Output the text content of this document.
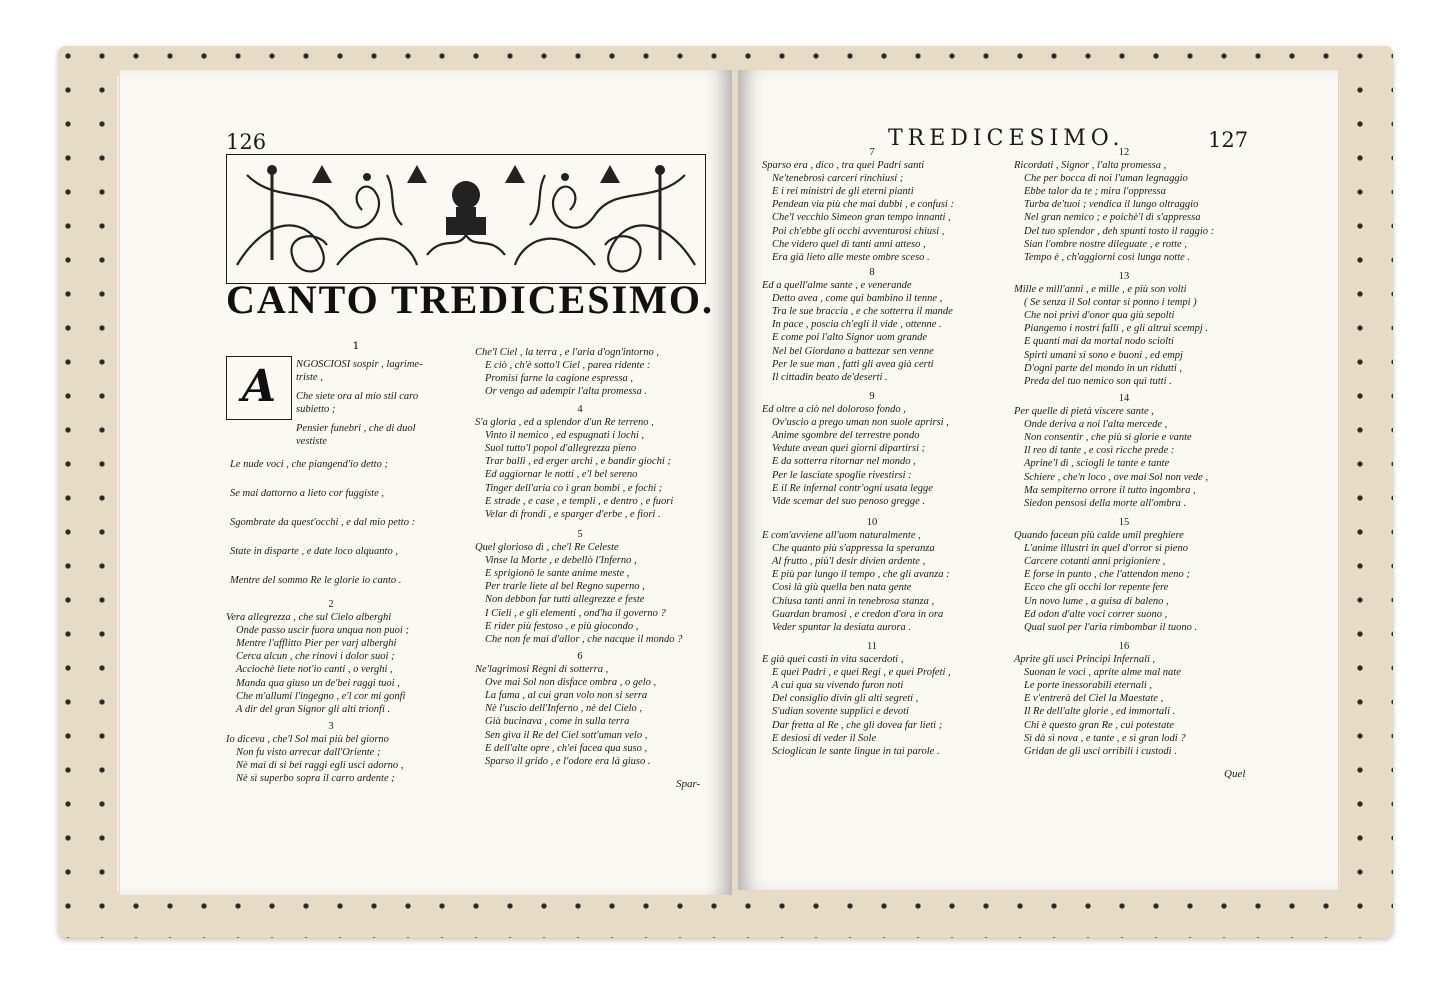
126
CANTO TREDICESIMO.
1
A	NGOSCIOSI sospir , lagrime-
triste ,
Che siete ora al mio stil caro
subietto ;
Pensier funebri , che di duol
vestiste
Le nude voci , che piangend'io detto ;
Se mai dattorno a lieto cor fuggiste ,
Sgombrate da quest'occhi , e dal mio petto :
State in disparte , e date loco alquanto ,
Mentre del sommo Re le glorie io canto .
2
Vera allegrezza , che sul Cielo alberghi
Onde passo uscir fuora unqua non puoi ;
Mentre l'afflitto Pier per varj alberghi
Cerca alcun , che rinovi i dolor suoi ;
Acciochè liete not'io canti , o verghi ,
Manda qua giuso un de'bei raggi tuoi ,
Che m'allumi l'ingegno , e'l cor mi gonfi
A dir del gran Signor gli alti trionfi .
3
Io diceva , che'l Sol mai più bel giorno
Non fu visto arrecar dall'Oriente ;
Nè mai di si bei raggi egli usci adorno ,
Nè sì superbo sopra il carro ardente ;
Che'l Ciel , la terra , e l'aria d'ogn'intorno ,
E ciò , ch'è sotto'l Ciel , parea ridente :
Promisi farne la cagione espressa ,
Or vengo ad adempir l'alta promessa .
4
S'a gloria , ed a splendor d'un Re terreno ,
Vinto il nemico , ed espugnati i lochi ,
Suol tutto'l popol d'allegrezza pieno
Trar balli , ed erger archi , e bandir giochi ;
Ed aggiornar le notti , e'l bel sereno
Tinger dell'aria co i gran bombi , e fochi ;
E strade , e case , e templi , e dentro , e fuori
Velar di frondi , e sparger d'erbe , e fiori .
5
Quel glorioso dì , che'l Re Celeste
Vinse la Morte , e debellò l'Inferno ,
E sprigionò le sante anime meste ,
Per trarle liete al bel Regno superno ,
Non debbon far tutti allegrezze e feste
I Cieli , e gli elementi , ond'ha il governo ?
E rider più festoso , e più giocondo ,
Che non fe mai d'allor , che nacque il mondo ?
6
Ne'lagrimosi Regni di sotterra ,
Ove mai Sol non disface ombra , o gelo ,
La fama , al cui gran volo non si serra
Nè l'uscio dell'Inferno , nè del Cielo ,
Già bucinava , come in sulla terra
Sen gìva il Re del Ciel sott'uman velo ,
E dell'alte opre , ch'ei facea qua suso ,
Sparso il grido , e l'odore era là giuso .
Spar-
TREDICESIMO.	127
7
Sparso era , dico , tra quei Padri santi
Ne'tenebrosi carceri rinchiusi ;
E i rei ministri de gli eterni pianti
Pendean via più che mai dubbi , e confusi :
Che'l vecchio Simeon gran tempo innanti ,
Poi ch'ebbe gli occhi avventurosi chiusi ,
Che videro quel dì tanti anni atteso ,
Era già lieto alle meste ombre sceso .
8
Ed a quell'alme sante , e venerande
Detto avea , come qui bambino il tenne ,
Tra le sue braccia , e che sotterra il mande
In pace , poscia ch'egli il vide , ottenne .
E come poi l'alto Signor uom grande
Nel bel Giordano a battezar sen venne
Per le sue man , fatti gli avea già certi
Il cittadin beato de'deserti .
9
Ed oltre a ciò nel doloroso fondo ,
Ov'uscio a prego uman non suole aprirsi ,
Anime sgombre del terrestre pondo
Vedute avean quei giorni dipartirsi ;
E da sotterra ritornar nel mondo ,
Per le lasciate spoglie rivestirsi :
E il Re infernal contr'ogni usata legge
Vide scemar del suo penoso gregge .
10
E com'avviene all'uom naturalmente ,
Che quanto più s'appressa la speranza
Al frutto , più'l desir divien ardente ,
E più par lungo il tempo , che gli avanza :
Così là giù quella ben nata gente
Chiusa tanti anni in tenebrosa stanza ,
Guardan bramosi , e credon d'ora in ora
Veder spuntar la desiata aurora .
11
E già quei casti in vita sacerdoti ,
E quei Padri , e quei Regi , e quei Profeti ,
A cui qua su vivendo furon noti
Del consiglio divin gli alti segreti ,
S'udian sovente supplici e devoti
Dar fretta al Re , che gli dovea far lieti ;
E desiosi di veder il Sole
Scioglican le sante lingue in tai parole .
12
Ricordati , Signor , l'alta promessa ,
Che per bocca di noi l'uman legnaggio
Ebbe talor da te ; mira l'oppressa
Turba de'tuoi ; vendica il lungo oltraggio
Nel gran nemico ; e poichè'l dì s'appressa
Del tuo splendor , deh spunti tosto il raggio :
Sian l'ombre nostre dileguate , e rotte ,
Tempo è , ch'aggiorni così lunga notte .
13
Mille e mill'anni , e mille , e più son volti
( Se senza il Sol contar si ponno i tempi )
Che noi privi d'onor qua giù sepolti
Piangemo i nostri falli , e gli altrui scempj .
E quanti mai da mortal nodo sciolti
Spirti umani si sono e buoni , ed empj
D'ogni parte del mondo in un ridutti ,
Preda del tuo nemico son quì tutti .
14
Per quelle di pietà viscere sante ,
Onde deriva a noi l'alta mercede ,
Non consentir , che più sì glorie e vante
Il reo di tante , e così ricche prede :
Aprine'l dì , sciogli le tante e tante
Schiere , che'n loco , ove mai Sol non vede ,
Ma sempiterno orrore il tutto ingombra ,
Siedon pensosi della morte all'ombra .
15
Quando facean più calde umil preghiere
L'anime illustri in quel d'orror sì pieno
Carcere cotanti anni prigioniere ,
E forse in punto , che l'attendon meno ;
Ecco che gli occhi lor repente fere
Un novo lume , a guisa di baleno ,
Ed odon d'alte voci correr suono ,
Qual suol per l'aria rimbombar il tuono .
16
Aprite gli usci Principi Infernali ,
Suonan le voci , aprite alme mal nate
Le porte inessorabili eternali ,
E v'entrerà del Ciel la Maestate ,
Il Re dell'alte glorie , ed immortali .
Chi è questo gran Re , cui potestate
Sì dà sì nova , e tante , e sì gran lodi ?
Gridan de gli usci orribili i custodi .
Quel
